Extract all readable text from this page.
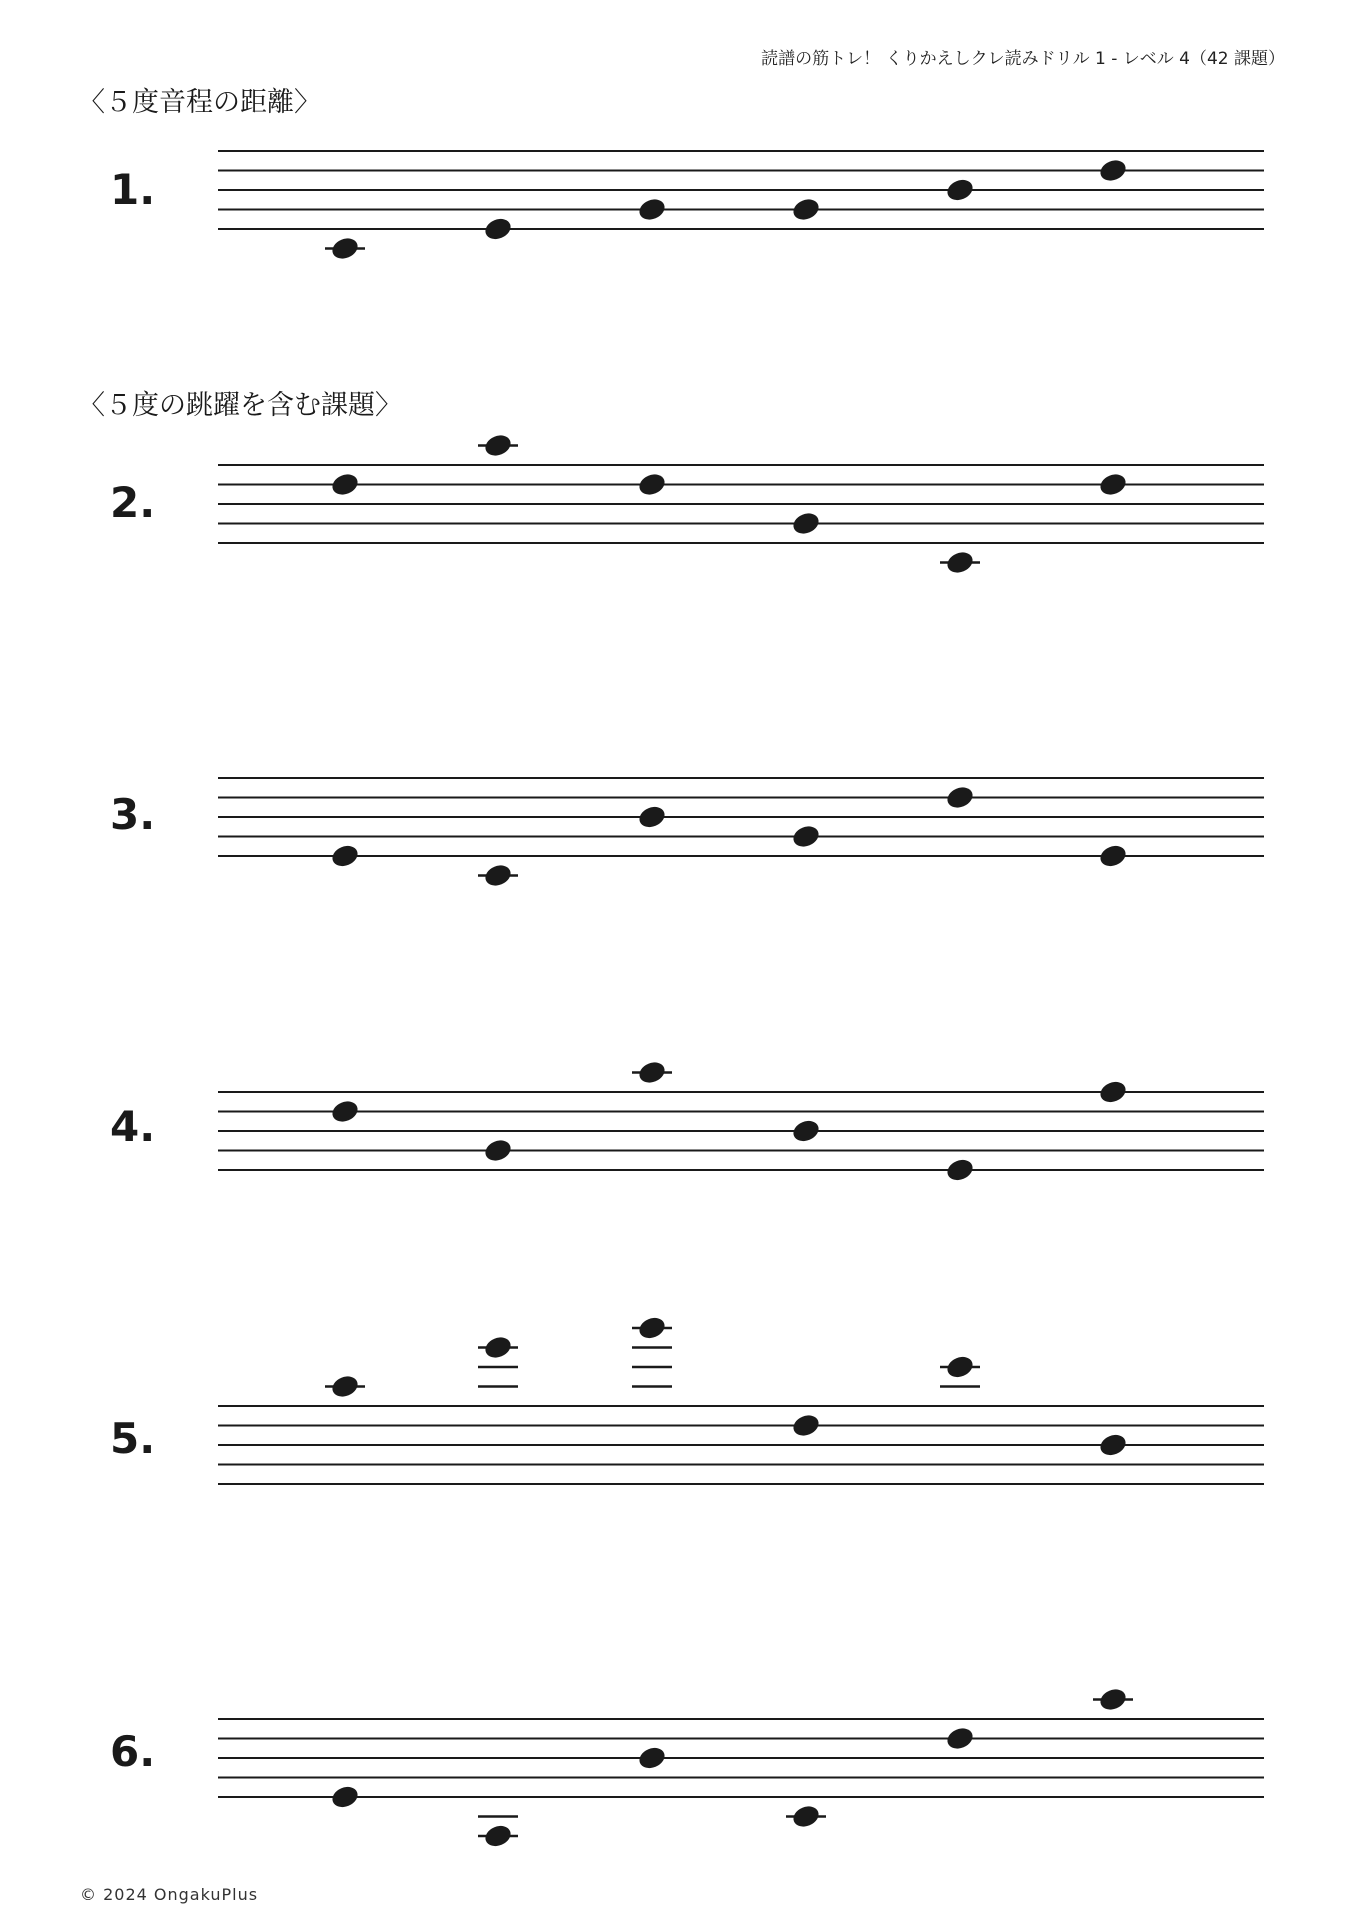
読譜の筋トレ！ くりかえしクレ読みドリル 1 - レベル 4（42 課題）
〈５度音程の距離〉
〈５度の跳躍を含む課題〉
1.
2.
3.
4.
5.
6.
© 2024 OngakuPlus
